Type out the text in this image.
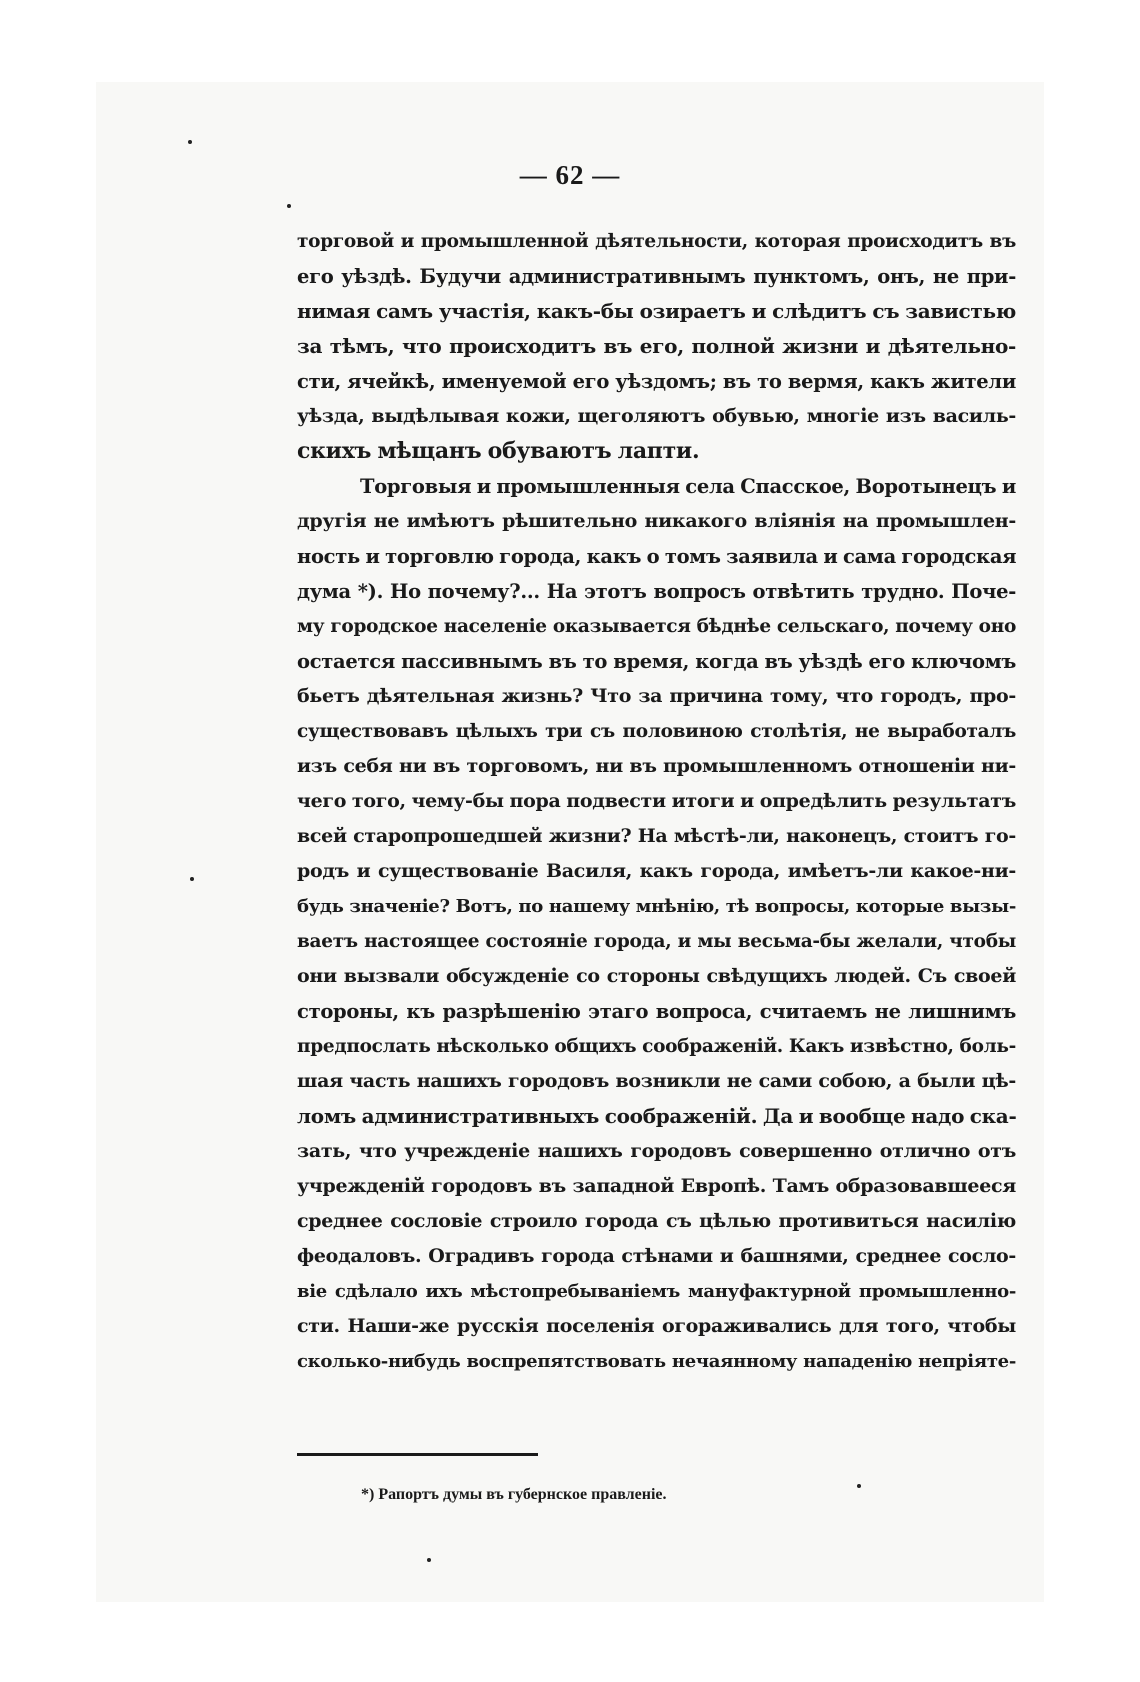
— 62 —
торговой и промышленной дѣятельности, которая происходитъ въ
его уѣздѣ. Будучи административнымъ пунктомъ, онъ, не при-
нимая самъ участія, какъ-бы озираетъ и слѣдитъ съ завистью
за тѣмъ, что происходитъ въ его, полной жизни и дѣятельно-
сти, ячейкѣ, именуемой его уѣздомъ; въ то вермя, какъ жители
уѣзда, выдѣлывая кожи, щеголяютъ обувью, многіе изъ василь-
скихъ мѣщанъ обуваютъ лапти.
Торговыя и промышленныя села Спасское, Воротынецъ и
другія не имѣютъ рѣшительно никакого вліянія на промышлен-
ность и торговлю города, какъ о томъ заявила и сама городская
дума *). Но почему?... На этотъ вопросъ отвѣтить трудно. Поче-
му городское населеніе оказывается бѣднѣе сельскаго, почему оно
остается пассивнымъ въ то время, когда въ уѣздѣ его ключомъ
бьетъ дѣятельная жизнь? Что за причина тому, что городъ, про-
существовавъ цѣлыхъ три съ половиною столѣтія, не выработалъ
изъ себя ни въ торговомъ, ни въ промышленномъ отношеніи ни-
чего того, чему-бы пора подвести итоги и опредѣлить результатъ
всей старопрошедшей жизни? На мѣстѣ-ли, наконецъ, стоитъ го-
родъ и существованіе Василя, какъ города, имѣетъ-ли какое-ни-
будь значеніе? Вотъ, по нашему мнѣнію, тѣ вопросы, которые вызы-
ваетъ настоящее состояніе города, и мы весьма-бы желали, чтобы
они вызвали обсужденіе со стороны свѣдущихъ людей. Съ своей
стороны, къ разрѣшенію этаго вопроса, считаемъ не лишнимъ
предпослать нѣсколько общихъ соображеній. Какъ извѣстно, боль-
шая часть нашихъ городовъ возникли не сами собою, а были цѣ-
ломъ административныхъ соображеній. Да и вообще надо ска-
зать, что учрежденіе нашихъ городовъ совершенно отлично отъ
учрежденій городовъ въ западной Европѣ. Тамъ образовавшееся
среднее сословіе строило города съ цѣлью противиться насилію
феодаловъ. Оградивъ города стѣнами и башнями, среднее сосло-
віе сдѣлало ихъ мѣстопребываніемъ мануфактурной промышленно-
сти. Наши-же русскія поселенія огораживались для того, чтобы
сколько-нибудь воспрепятствовать нечаянному нападенію непріяте-
*) Рапортъ думы въ губернское правленіе.
